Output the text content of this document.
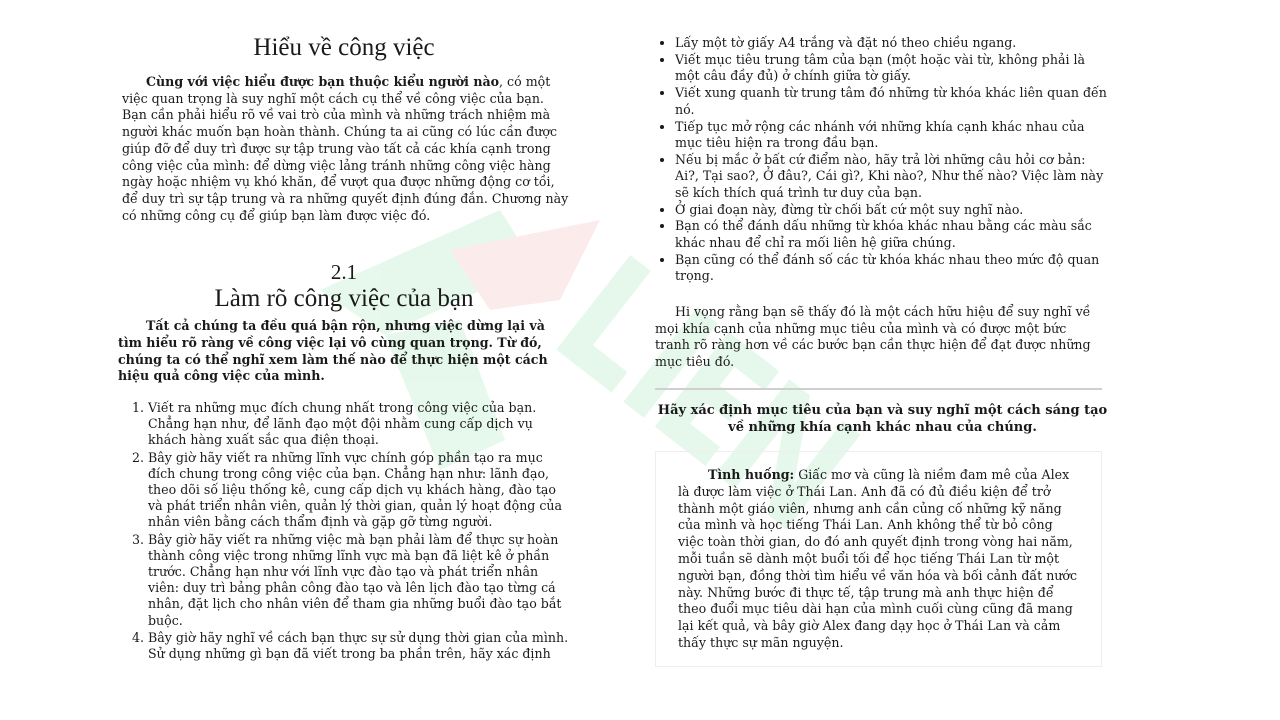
Hiểu về công việc

Cùng với việc hiểu được bạn thuộc kiểu người nào, có một việc quan trọng là suy nghĩ một cách cụ thể về công việc của bạn. Bạn cần phải hiểu rõ về vai trò của mình và những trách nhiệm mà người khác muốn bạn hoàn thành. Chúng ta ai cũng có lúc cần được giúp đỡ để duy trì được sự tập trung vào tất cả các khía cạnh trong công việc của mình: để dừng việc lảng tránh những công việc hàng ngày hoặc nhiệm vụ khó khăn, để vượt qua được những động cơ tồi, để duy trì sự tập trung và ra những quyết định đúng đắn. Chương này có những công cụ để giúp bạn làm được việc đó.

2.1
Làm rõ công việc của bạn

Tất cả chúng ta đều quá bận rộn, nhưng việc dừng lại và tìm hiểu rõ ràng về công việc lại vô cùng quan trọng. Từ đó, chúng ta có thể nghĩ xem làm thế nào để thực hiện một cách hiệu quả công việc của mình.

1. Viết ra những mục đích chung nhất trong công việc của bạn. Chẳng hạn như, để lãnh đạo một đội nhằm cung cấp dịch vụ khách hàng xuất sắc qua điện thoại.
2. Bây giờ hãy viết ra những lĩnh vực chính góp phần tạo ra mục đích chung trong công việc của bạn. Chẳng hạn như: lãnh đạo, theo dõi số liệu thống kê, cung cấp dịch vụ khách hàng, đào tạo và phát triển nhân viên, quản lý thời gian, quản lý hoạt động của nhân viên bằng cách thẩm định và gặp gỡ từng người.
3. Bây giờ hãy viết ra những việc mà bạn phải làm để thực sự hoàn thành công việc trong những lĩnh vực mà bạn đã liệt kê ở phần trước. Chẳng hạn như với lĩnh vực đào tạo và phát triển nhân viên: duy trì bảng phân công đào tạo và lên lịch đào tạo từng cá nhân, đặt lịch cho nhân viên để tham gia những buổi đào tạo bắt buộc.
4. Bây giờ hãy nghĩ về cách bạn thực sự sử dụng thời gian của mình. Sử dụng những gì bạn đã viết trong ba phần trên, hãy xác định
• Lấy một tờ giấy A4 trắng và đặt nó theo chiều ngang.
• Viết mục tiêu trung tâm của bạn (một hoặc vài từ, không phải là một câu đầy đủ) ở chính giữa tờ giấy.
• Viết xung quanh từ trung tâm đó những từ khóa khác liên quan đến nó.
• Tiếp tục mở rộng các nhánh với những khía cạnh khác nhau của mục tiêu hiện ra trong đầu bạn.
• Nếu bị mắc ở bất cứ điểm nào, hãy trả lời những câu hỏi cơ bản: Ai?, Tại sao?, Ở đâu?, Cái gì?, Khi nào?, Như thế nào? Việc làm này sẽ kích thích quá trình tư duy của bạn.
• Ở giai đoạn này, đừng từ chối bất cứ một suy nghĩ nào.
• Bạn có thể đánh dấu những từ khóa khác nhau bằng các màu sắc khác nhau để chỉ ra mối liên hệ giữa chúng.
• Bạn cũng có thể đánh số các từ khóa khác nhau theo mức độ quan trọng.

Hi vọng rằng bạn sẽ thấy đó là một cách hữu hiệu để suy nghĩ về mọi khía cạnh của những mục tiêu của mình và có được một bức tranh rõ ràng hơn về các bước bạn cần thực hiện để đạt được những mục tiêu đó.

Hãy xác định mục tiêu của bạn và suy nghĩ một cách sáng tạo về những khía cạnh khác nhau của chúng.

Tình huống: Giấc mơ và cũng là niềm đam mê của Alex là được làm việc ở Thái Lan. Anh đã có đủ điều kiện để trở thành một giáo viên, nhưng anh cần củng cố những kỹ năng của mình và học tiếng Thái Lan. Anh không thể từ bỏ công việc toàn thời gian, do đó anh quyết định trong vòng hai năm, mỗi tuần sẽ dành một buổi tối để học tiếng Thái Lan từ một người bạn, đồng thời tìm hiểu về văn hóa và bối cảnh đất nước này. Những bước đi thực tế, tập trung mà anh thực hiện để theo đuổi mục tiêu dài hạn của mình cuối cùng cũng đã mang lại kết quả, và bây giờ Alex đang dạy học ở Thái Lan và cảm thấy thực sự mãn nguyện.
